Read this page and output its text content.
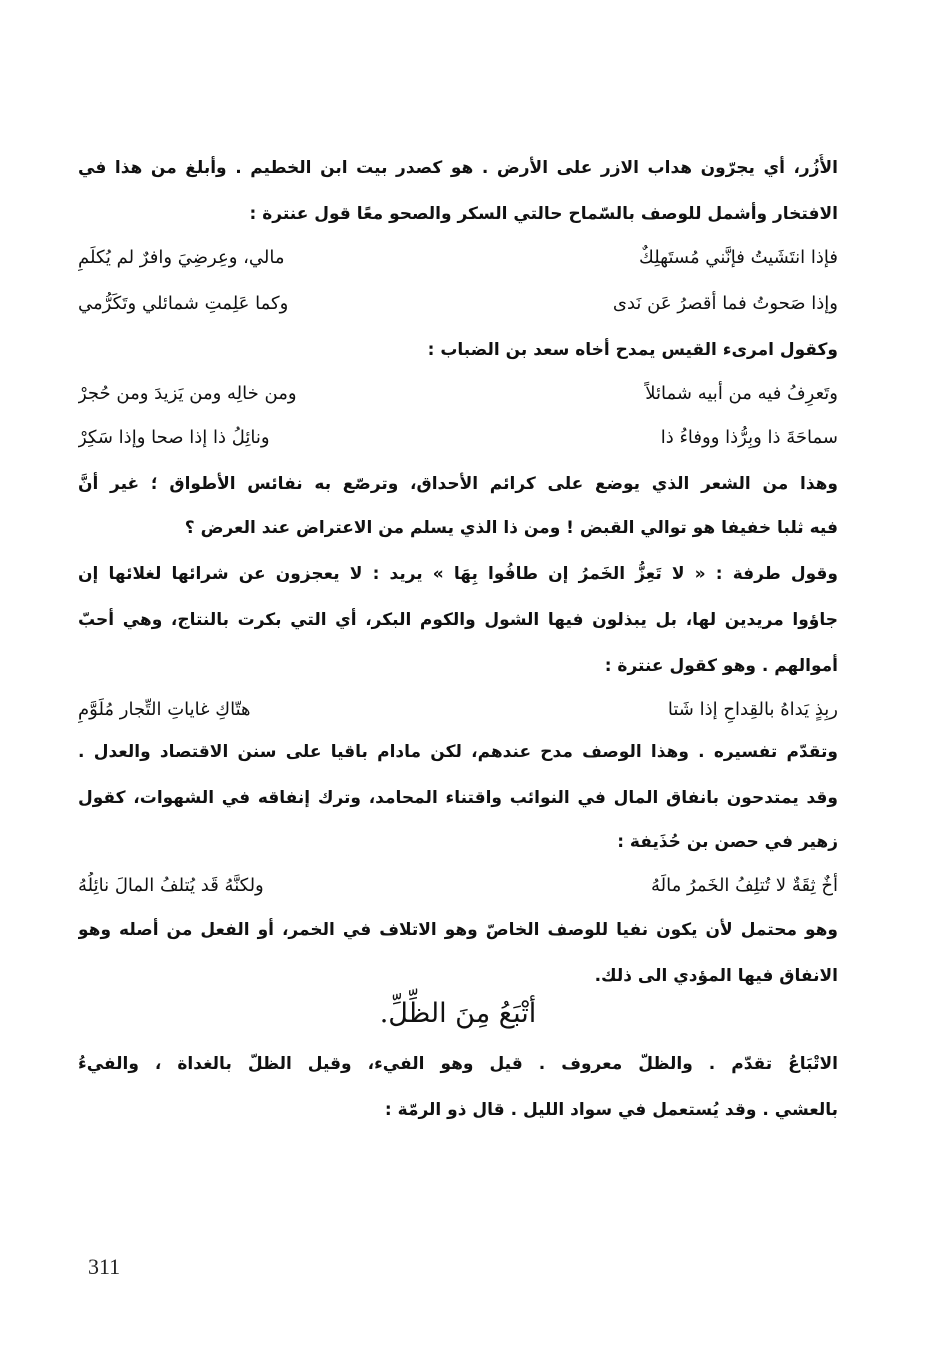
الأُزُر، أي يجرّون هداب الازر على الأرض . هو كصدر بيت ابن الخطيم . وأبلغ من هذا في
الافتخار وأشمل للوصف بالسّماح حالتي السكر والصحو معًا قول عنترة :
فإذا انتَشَيتُ فإنَّني مُستَهلِكٌ
مالي، وعِرضِيَ وافرٌ لم يُكلَمِ
وإذا صَحوتُ فما أقصرُ عَن نَدى
وكما عَلِمتِ شمائلي وتَكَرُّمي
وكقول امرىء القيس يمدح أخاه سعد بن الضباب :
وتَعرِفُ فيه من أبيه شمائلاً
ومن خالِه ومن يَزيدَ ومن حُجرْ
سماحَةَ ذا وبِرُّذا ووفاءُ ذا
ونائِلُ ذا إذا صحا وإذا سَكِرْ
وهذا من الشعر الذي يوضع على كرائم الأحداق، وترصّع به نفائس الأطواق ؛ غير أنَّ
فيه ثلبا خفيفا هو توالي القبض ! ومن ذا الذي يسلم من الاعتراض عند العرض ؟
وقول طرفة : « لا تَعِزُّ الخَمرُ إن طافُوا بِهَا » يريد : لا يعجزون عن شرائها لغلائها إن
جاؤوا مريدين لها، بل يبذلون فيها الشول والكوم البكر، أي التي بكرت بالنتاج، وهي أحبّ
أموالهم . وهو كقول عنترة :
ربِذٍ يَداهُ بالقِداحِ إذا شَتا
هتّاكِ غاياتِ التِّجار مُلَوَّمِ
وتقدّم تفسيره . وهذا الوصف مدح عندهم، لكن مادام باقيا على سنن الاقتصاد والعدل .
وقد يمتدحون بانفاق المال في النوائب واقتناء المحامد، وترك إنفاقه في الشهوات، كقول
زهير في حصن بن حُذَيفة :
أخٌ ثِقَةٌ لا تُتلِفُ الخَمرُ مالَهُ
ولكنَّهُ قَد يُتلفُ المالَ نائِلُهُ
وهو محتمل لأن يكون نفيا للوصف الخاصّ وهو الاتلاف في الخمر، أو الفعل من أصله وهو
الانفاق فيها المؤدي الى ذلك.
أتْبَعُ مِنَ الظِّلِّ.
الاتْبَاعُ تقدّم . والظلّ معروف . قيل وهو الفيء، وقيل الظلّ بالغداة ، والفيءُ
بالعشي . وقد يُستعمل في سواد الليل . قال ذو الرمّة :
311
